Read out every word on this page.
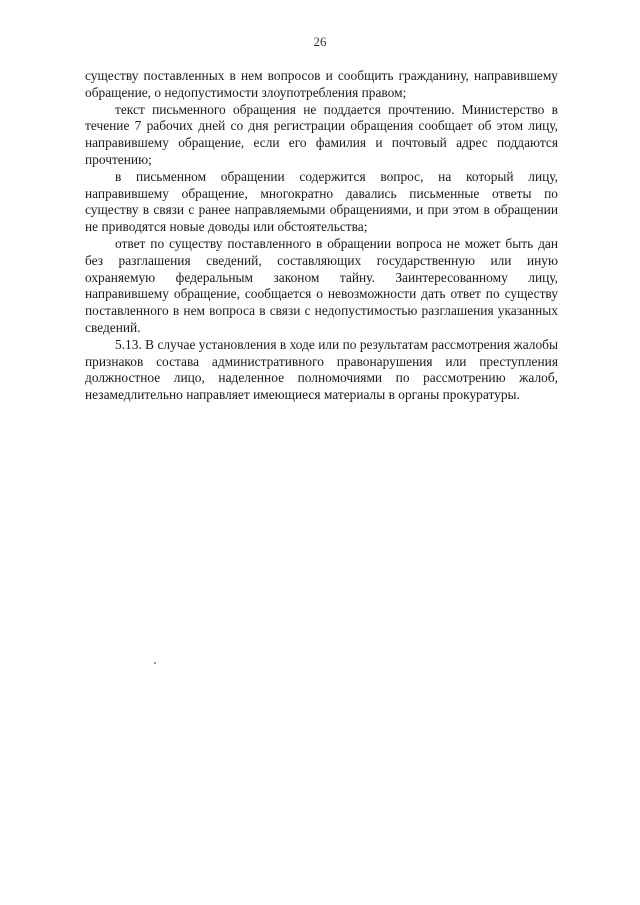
26

существу поставленных в нем вопросов и сообщить гражданину, направившему обращение, о недопустимости злоупотребления правом;

текст письменного обращения не поддается прочтению. Министерство в течение 7 рабочих дней со дня регистрации обращения сообщает об этом лицу, направившему обращение, если его фамилия и почтовый адрес поддаются прочтению;

в письменном обращении содержится вопрос, на который лицу, направившему обращение, многократно давались письменные ответы по существу в связи с ранее направляемыми обращениями, и при этом в обращении не приводятся новые доводы или обстоятельства;

ответ по существу поставленного в обращении вопроса не может быть дан без разглашения сведений, составляющих государственную или иную охраняемую федеральным законом тайну. Заинтересованному лицу, направившему обращение, сообщается о невозможности дать ответ по существу поставленного в нем вопроса в связи с недопустимостью разглашения указанных сведений.

5.13. В случае установления в ходе или по результатам рассмотрения жалобы признаков состава административного правонарушения или преступления должностное лицо, наделенное полномочиями по рассмотрению жалоб, незамедлительно направляет имеющиеся материалы в органы прокуратуры.
